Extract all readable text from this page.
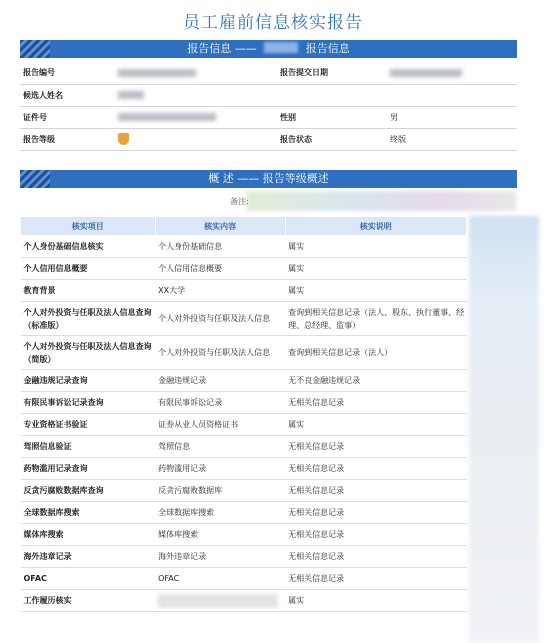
员工雇前信息核实报告
报告信息 ——	报告信息
报告编号		报告提交日期	
候选人姓名			
证件号		性别	男
报告等级		报告状态	终版
概 述 —— 报告等级概述
备注:
核实项目	核实内容	核实说明
个人身份基础信息核实	个人身份基础信息	属实
个人信用信息概要	个人信用信息概要	属实
教育背景	XX大学	属实
个人对外投资与任职及法人信息查询（标准版）	个人对外投资与任职及法人信息	查询到相关信息记录（法人、股东、执行董事、经理、总经理、监事）
个人对外投资与任职及法人信息查询（简版）	个人对外投资与任职及法人信息	查询到相关信息记录（法人）
金融违规记录查询	金融违规记录	无不良金融违规记录
有限民事诉讼记录查询	有限民事诉讼记录	无相关信息记录
专业资格证书验证	证券从业人员资格证书	属实
驾照信息验证	驾照信息	无相关信息记录
药物滥用记录查询	药物滥用记录	无相关信息记录
反贪污腐败数据库查询	反贪污腐败数据库	无相关信息记录
全球数据库搜索	全球数据库搜索	无相关信息记录
媒体库搜索	媒体库搜索	无相关信息记录
海外违章记录	海外违章记录	无相关信息记录
OFAC	OFAC	无相关信息记录
工作履历核实		属实
